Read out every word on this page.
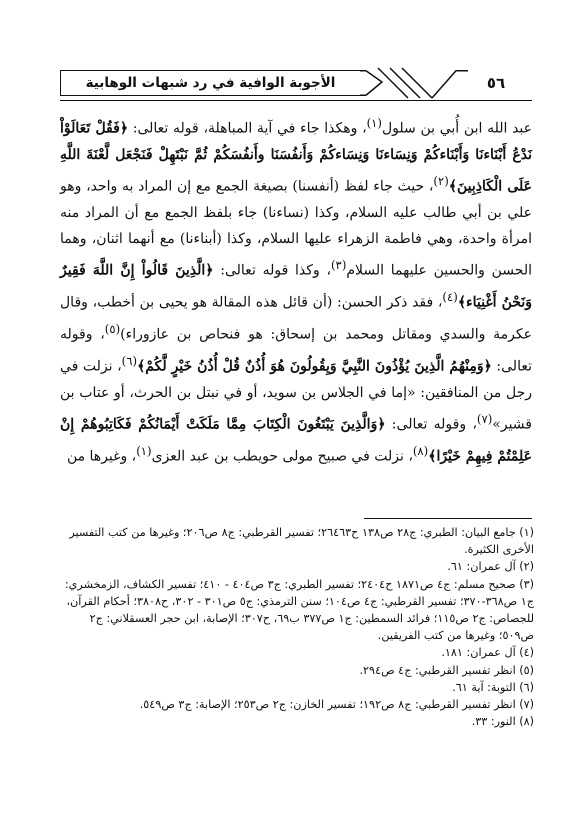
الأجوبة الوافية في رد شبهات الوهابية	٥٦

عبد الله ابن أُبي بن سلول$^{(١)}$، وهكذا جاء في آية المباهلة، قوله تعالى: ﴿فَقُلْ تَعَالَوْاْ نَدْعُ أَبْنَاءنَا وَأَبْنَاءكُمْ وَنِسَاءنَا وَنِسَاءكُمْ وَأَنفُسَنَا وأَنفُسَكُمْ ثُمَّ نَبْتَهِلْ فَنَجْعَل لَّعْنَةَ اللَّهِ عَلَى الْكَاذِبِينَ﴾$^{(٢)}$، حيث جاء لفظ (أنفسنا) بصيغة الجمع مع إن المراد به واحد، وهو علي بن أبي طالب عليه السلام، وكذا (نساءنا) جاء بلفظ الجمع مع أن المراد منه امرأة واحدة، وهي فاطمة الزهراء عليها السلام، وكذا (أبناءنا) مع أنهما اثنان، وهما الحسن والحسين عليهما السلام$^{(٣)}$، وكذا قوله تعالى: ﴿الَّذِينَ قَالُواْ إِنَّ اللَّهَ فَقِيرٌ وَنَحْنُ أَغْنِيَاء﴾$^{(٤)}$، فقد ذكر الحسن: (أن قائل هذه المقالة هو يحيى بن أخطب، وقال عكرمة والسدي ومقاتل ومحمد بن إسحاق: هو فنحاص بن عازوراء)$^{(٥)}$، وقوله تعالى: ﴿وَمِنْهُمُ الَّذِينَ يُؤْذُونَ النَّبِيَّ وَيِقُولُونَ هُوَ أُذُنٌ قُلْ أُذُنُ خَيْرٍ لَّكُمْ﴾$^{(٦)}$، نزلت في رجل من المنافقين: «إما في الجلاس بن سويد، أو في نبتل بن الحرث، أو عتاب بن قشير»$^{(٧)}$، وقوله تعالى: ﴿وَالَّذِينَ يَبْتَغُونَ الْكِتَابَ مِمَّا مَلَكَتْ أَيْمَانُكُمْ فَكَاتِبُوهُمْ إِنْ عَلِمْتُمْ فِيهِمْ خَيْرًا﴾$^{(٨)}$، نزلت في صبيح مولى حويطب بن عبد العزى$^{(١)}$، وغيرها من

(١) جامع البيان: الطبري: ج٢٨ ص١٣٨ ح٢٦٤٦٣؛ تفسير القرطبي: ج٨ ص٢٠٦؛ وغيرها من كتب التفسير الأخرى الكثيرة.

(٢) آل عمران: ٦١.

(٣) صحيح مسلم: ج٤ ص١٨٧١ ح٢٤٠٤؛ تفسير الطبري: ج٣ ص٤٠٤ - ٤١٠؛ تفسير الكشاف، الزمخشري: ج١ ص٣٦٨-٣٧٠؛ تفسير القرطبي: ج٤ ص١٠٤؛ سنن الترمذي: ج٥ ص٣٠١ - ٣٠٢، ح٣٨٠٨؛ أحكام القرآن، للجصاص: ج٢ ص١١٥؛ فرائد السمطين: ج١ ص٣٧٧ ب٦٩، ح٣٠٧؛ الإصابة، ابن حجر العسقلاني: ج٢ ص٥٠٩؛ وغيرها من كتب الفريقين.

(٤) آل عمران: ١٨١.

(٥) انظر تفسير القرطبي: ج٤ ص٢٩٤.

(٦) التوبة: آية ٦١.

(٧) انظر تفسير القرطبي: ج٨ ص١٩٢؛ تفسير الخازن: ج٢ ص٢٥٣؛ الإصابة: ج٣ ص٥٤٩.

(٨) النور: ٣٣.
